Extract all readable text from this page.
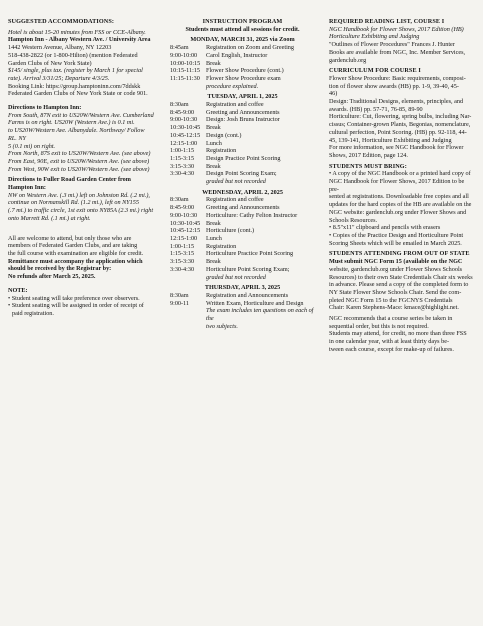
SUGGESTED ACCOMMODATIONS:

Hotel is about 15-20 minutes from FSS or CCE-Albany.

Hampton Inn - Albany Western Ave. / University Area

1442 Western Avenue, Albany, NY 12203

518-438-2822 (or 1-800-Hilton) (mention Federated

Garden Clubs of New York State)

$145/ single, plus tax. (register by March 1 for special

rate). Arrival 3/31/25; Departure 4/3/25.

Booking Link: https://group.hamptoninn.com/7ddskk

Federated Garden Clubs of New York State or code 901.

Directions to Hampton Inn:

From South, 87N exit to US20W/Western Ave. Cumberland

Farms is on right. US20W (Western Ave.) is 0.1 mi.

to US20W/Western Ave. Albanydale. Northway/ Follow RL. NY

5 (0.1 mi) on right.

From North, 87S exit to US20W/Western Ave. (see above)

From East, 90E, exit to US20W/Western Ave. (see above)

From West, 90W exit to US20W/Western Ave. (see above)

Directions to Fuller Road Garden Center from Hampton Inn:

NW on Western Ave. (.3 mi.) left on Johnston Rd. (.2 mi.),

continue on Normanskill Rd. (1.2 mi.), left on NY155

(.7 mi.) to traffic circle, 1st exit onto NY85A (2.3 mi.) right

onto Marrett Rd. (.1 mi.) at right.

All are welcome to attend, but only those who are

members of Federated Garden Clubs, and are taking

the full course with examination are eligible for credit.

Remittance must accompany the application which

should be received by the Registrar by:

No refunds after March 25, 2025.

NOTE:

• Student seating will take preference over observers.

• Student seating will be assigned in order of receipt of

paid registration.

INSTRUCTION PROGRAM

Students must attend all sessions for credit.

MONDAY, MARCH 31, 2025 via Zoom

8:45am	Registration on Zoom and Greeting
9:00-10:00	Carol English, Instructor
10:00-10:15 Break
10:15-11:15 Flower Show Procedure (cont.)
11:15-11:30	Flower Show Procedure exam
procedure explained.

TUESDAY, APRIL 1, 2025

8:30am	Registration and coffee
8:45-9:00	Greeting and Announcements
9:00-10:30	Design: Josh Bruns Instructor
10:30-10:45 Break
10:45-12:15 Design (cont.)
12:15-1:00	Lunch
1:00-1:15	Registration
1:15-3:15	Design Practice Point Scoring
3:15-3:30	Break
3:30-4:30	Design Point Scoring Exam;
graded but not recorded

WEDNESDAY, APRIL 2, 2025

8:30am	Registration and coffee
8:45-9:00	Greeting and Announcements
9:00-10:30	Horticulture: Cathy Felton Instructor
10:30-10:45 Break
10:45-12:15 Horticulture (cont.)
12:15-1:00	Lunch
1:00-1:15	Registration
1:15-3:15	Horticulture Practice Point Scoring
3:15-3:30	Break
3:30-4:30	Horticulture Point Scoring Exam;
graded but not recorded

THURSDAY, APRIL 3, 2025

8:30am	Registration and Announcements
9:00-11	Written Exam, Horticulture and Design
The exam includes ten questions on each of the
two subjects.

REQUIRED READING LIST, COURSE I

NGC Handbook for Flower Shows, 2017 Edition (HB)

Horticulture Exhibiting and Judging

"Outlines of Flower Procedures" Frances J. Hunter

Books are available from NGC, Inc. Member Services,

gardenclub.org

CURRICULUM FOR COURSE I

Flower Show Procedure: Basic requirements, composi-

tion of flower show awards (HB) pp. 1-9, 39-40, 45-

46)

Design: Traditional Designs, elements, principles, and

awards. (HB) pp. 57-71, 76-85, 89-90

Horticulture: Cut, flowering, spring bulbs, including Nar-

cissus; Container-grown Plants, Begonias, nomenclature,

cultural perfection, Point Scoring. (HB) pp. 92-118, 44-

45, 139-141, Horticulture Exhibiting and Judging

For more information, see NGC Handbook for Flower

Shows, 2017 Edition, page 124.

STUDENTS MUST BRING:

• A copy of the NGC Handbook or a printed hard copy of

NGC Handbook for Flower Shows, 2017 Edition to be pre-

sented at registrations. Downloadable free copies and all

updates for the hard copies of the HB are available on the

NGC website: gardenclub.org under Flower Shows and

Schools Resources.

• 8.5"x11" clipboard and pencils with erasers

• Copies of the Practice Design and Horticulture Point

Scoring Sheets which will be emailed in March 2025.

STUDENTS ATTENDING FROM OUT OF STATE

Must submit NGC Form 15 (available on the NGC

website, gardenclub.org under Flower Shows Schools

Resources) to their own State Credentials Chair six weeks

in advance. Please send a copy of the completed form to

NY State Flower Show Schools Chair. Send the com-

pleted NGC Form 15 to the FGCNYS Credentials

Chair: Karen Stephens-Mace: kmace@highlight.net.

NGC recommends that a course series be taken in

sequential order, but this is not required.

Students may attend, for credit, no more than three FSS

in one calendar year, with at least thirty days be-

tween each course, except for make-up of failures.
